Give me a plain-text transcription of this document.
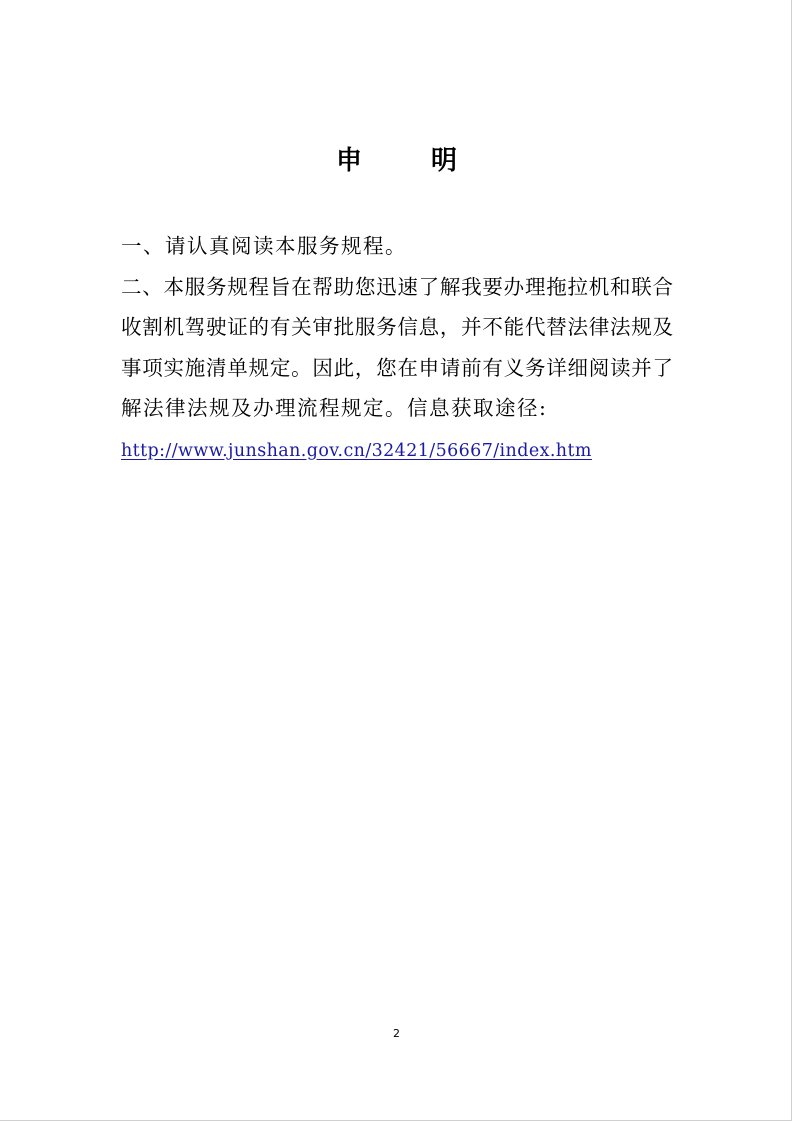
申 明
一、请认真阅读本服务规程。
二、本服务规程旨在帮助您迅速了解我要办理拖拉机和联合
收割机驾驶证的有关审批服务信息，并不能代替法律法规及
事项实施清单规定。因此，您在申请前有义务详细阅读并了
解法律法规及办理流程规定。信息获取途径:
http://www.junshan.gov.cn/32421/56667/index.htm
2
